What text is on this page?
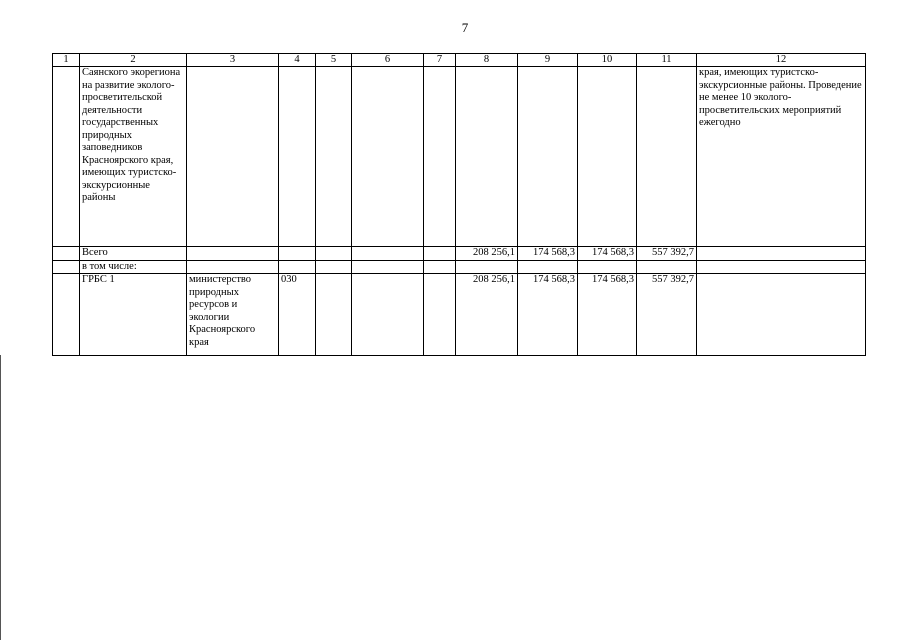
7
1	2	3	4	5	6	7	8	9	10	11	12
	Саянского экорегиона на развитие эколого-просветительской деятельности государственных природных заповедников Красноярского края, имеющих туристско-экскурсионные районы										края, имеющих туристско-экскурсионные районы. Проведение не менее 10 эколого-просветительских мероприятий ежегодно
	Всего						208 256,1	174 568,3	174 568,3	557 392,7	
	в том числе:										
	ГРБС 1	министерство природных ресурсов и экологии Красноярского края	030				208 256,1	174 568,3	174 568,3	557 392,7	
